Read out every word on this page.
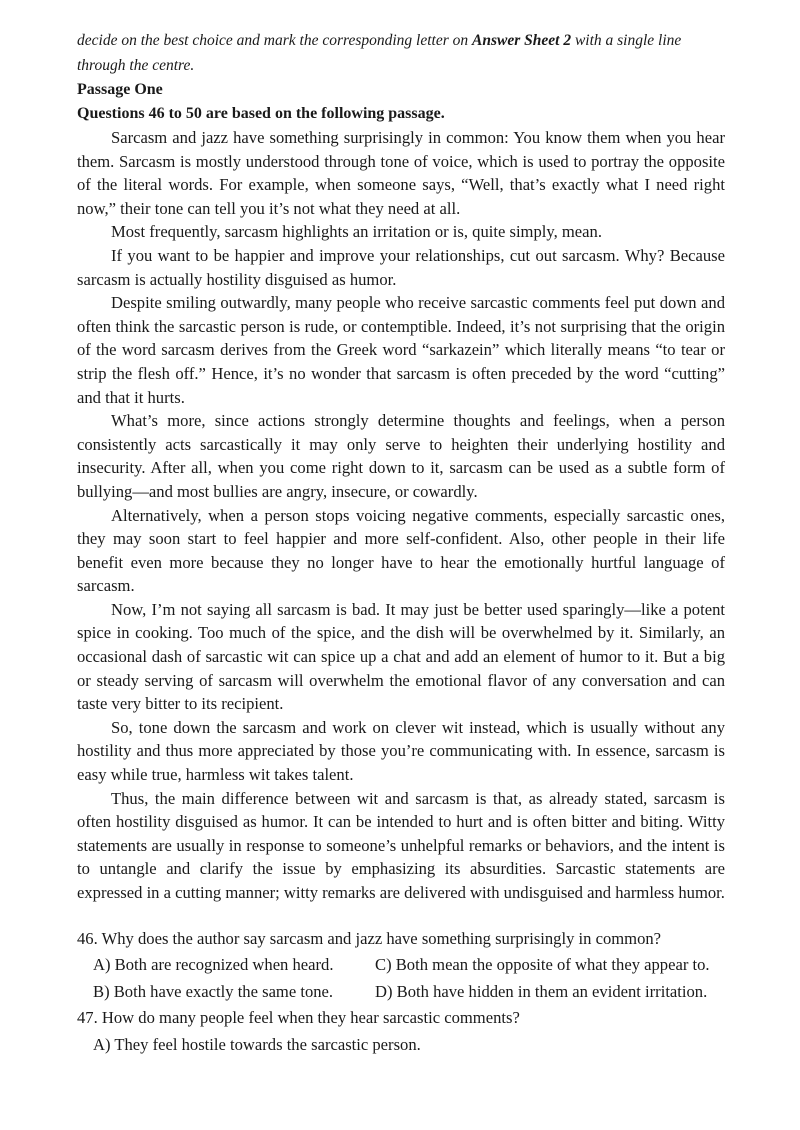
decide on the best choice and mark the corresponding letter on Answer Sheet 2 with a single line through the centre.

Passage One

Questions 46 to 50 are based on the following passage.

Sarcasm and jazz have something surprisingly in common: You know them when you hear them. Sarcasm is mostly understood through tone of voice, which is used to portray the opposite of the literal words. For example, when someone says, “Well, that’s exactly what I need right now,” their tone can tell you it’s not what they need at all.

Most frequently, sarcasm highlights an irritation or is, quite simply, mean.

If you want to be happier and improve your relationships, cut out sarcasm. Why? Because sarcasm is actually hostility disguised as humor.

Despite smiling outwardly, many people who receive sarcastic comments feel put down and often think the sarcastic person is rude, or contemptible. Indeed, it’s not surprising that the origin of the word sarcasm derives from the Greek word “sarkazein” which literally means “to tear or strip the flesh off.” Hence, it’s no wonder that sarcasm is often preceded by the word “cutting” and that it hurts.

What’s more, since actions strongly determine thoughts and feelings, when a person consistently acts sarcastically it may only serve to heighten their underlying hostility and insecurity. After all, when you come right down to it, sarcasm can be used as a subtle form of bullying—and most bullies are angry, insecure, or cowardly.

Alternatively, when a person stops voicing negative comments, especially sarcastic ones, they may soon start to feel happier and more self-confident. Also, other people in their life benefit even more because they no longer have to hear the emotionally hurtful language of sarcasm.

Now, I’m not saying all sarcasm is bad. It may just be better used sparingly—like a potent spice in cooking. Too much of the spice, and the dish will be overwhelmed by it. Similarly, an occasional dash of sarcastic wit can spice up a chat and add an element of humor to it. But a big or steady serving of sarcasm will overwhelm the emotional flavor of any conversation and can taste very bitter to its recipient.

So, tone down the sarcasm and work on clever wit instead, which is usually without any hostility and thus more appreciated by those you’re communicating with. In essence, sarcasm is easy while true, harmless wit takes talent.

Thus, the main difference between wit and sarcasm is that, as already stated, sarcasm is often hostility disguised as humor. It can be intended to hurt and is often bitter and biting. Witty statements are usually in response to someone’s unhelpful remarks or behaviors, and the intent is to untangle and clarify the issue by emphasizing its absurdities. Sarcastic statements are expressed in a cutting manner; witty remarks are delivered with undisguised and harmless humor.

46. Why does the author say sarcasm and jazz have something surprisingly in common?

A) Both are recognized when heard.	C) Both mean the opposite of what they appear to.
B) Both have exactly the same tone.	D) Both have hidden in them an evident irritation.

47. How do many people feel when they hear sarcastic comments?

A) They feel hostile towards the sarcastic person.
